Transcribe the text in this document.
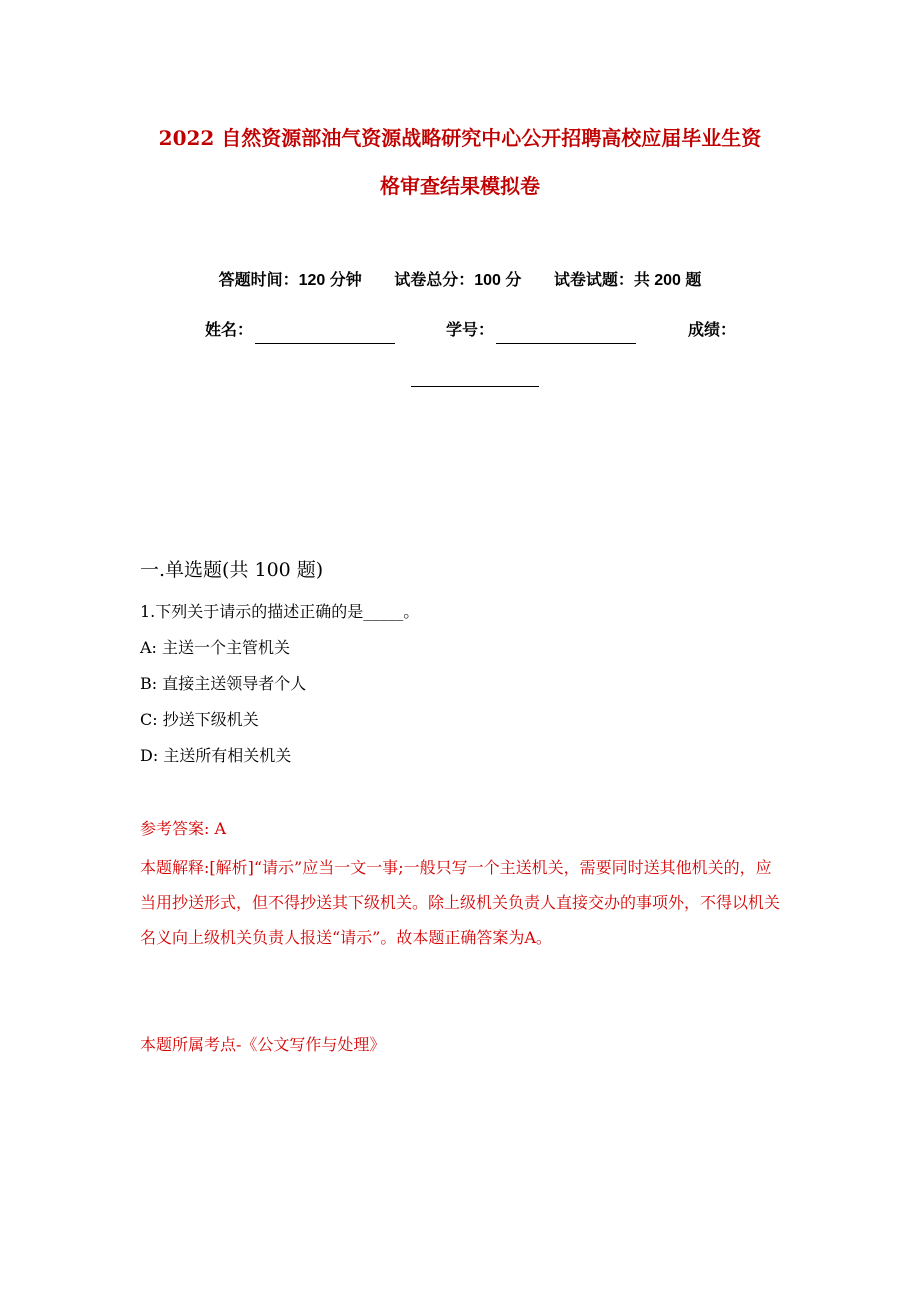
2022 自然资源部油气资源战略研究中心公开招聘高校应届毕业生资
格审查结果模拟卷
答题时间：120 分钟 试卷总分：100 分 试卷试题：共 200 题
姓名：	学号：	成绩：
一.单选题(共 100 题)
1.下列关于请示的描述正确的是_____。
A: 主送一个主管机关
B: 直接主送领导者个人
C: 抄送下级机关
D: 主送所有相关机关
参考答案: A
本题解释:[解析]“请示”应当一文一事;一般只写一个主送机关，需要同时送其他机关的，应当用抄送形式，但不得抄送其下级机关。除上级机关负责人直接交办的事项外，不得以机关名义向上级机关负责人报送“请示”。故本题正确答案为A。
本题所属考点-《公文写作与处理》
